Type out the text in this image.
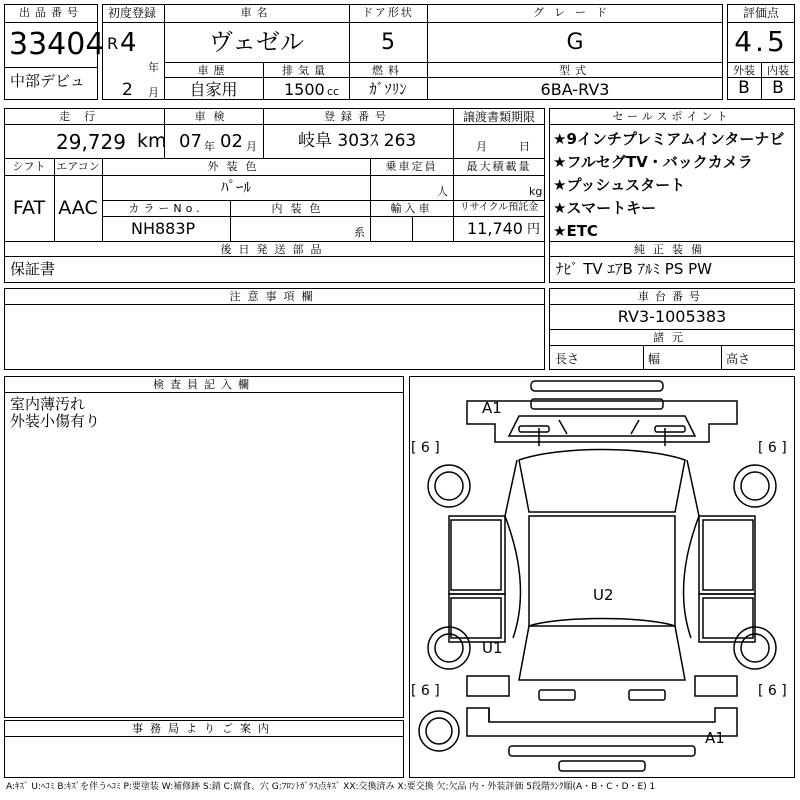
出品番号
33404
中部デビュ
初度登録
R 4
年
2 月
車名
ヴェゼル
ドア形状
5
グレード
G
車歴
自家用
排気量
1500 cc
燃料
ｶﾞｿﾘﾝ
型式
6BA-RV3
評価点
4.5
外装	内装
B	B
走行
29,729 km
車検
07 年 02 月
登録番号
岐阜 303ｽ 263
譲渡書類期限
月	日
シフト
FAT
エアコン
AAC
外装色
ﾊﾟｰﾙ
乗車定員
人
最大積載量
kg
カラーNo.
NH883P
内装色
系
輸入車	リサイクル預託金
11,740 円
後日発送部品
保証書
セールスポイント
★9インチプレミアムインターナビ
★フルセグTV・バックカメラ
★プッシュスタート
★スマートキー
★ETC
純正装備
ﾅﾋﾞ TV ｴｱB ｱﾙﾐ PS PW
注意事項欄	車台番号
RV3-1005383
諸元
長さ	幅	高さ
検査員記入欄
室内薄汚れ
外装小傷有り
事務局よりご案内
A1
U2
U1
A1
[ 6 ]	[ 6 ]
[ 6 ]	[ 6 ]
A:ｷｽﾞ U:ﾍｺﾐ B:ｷｽﾞを伴うﾍｺﾐ P:要塗装 W:補修跡 S:錆 C:腐食、穴 G:ﾌﾛﾝﾄｶﾞﾗｽ点ｷｽﾞ XX:交換済み X:要交換 欠:欠品 内・外装評価 5段階ﾗﾝｸ順(A・B・C・D・E) 1
